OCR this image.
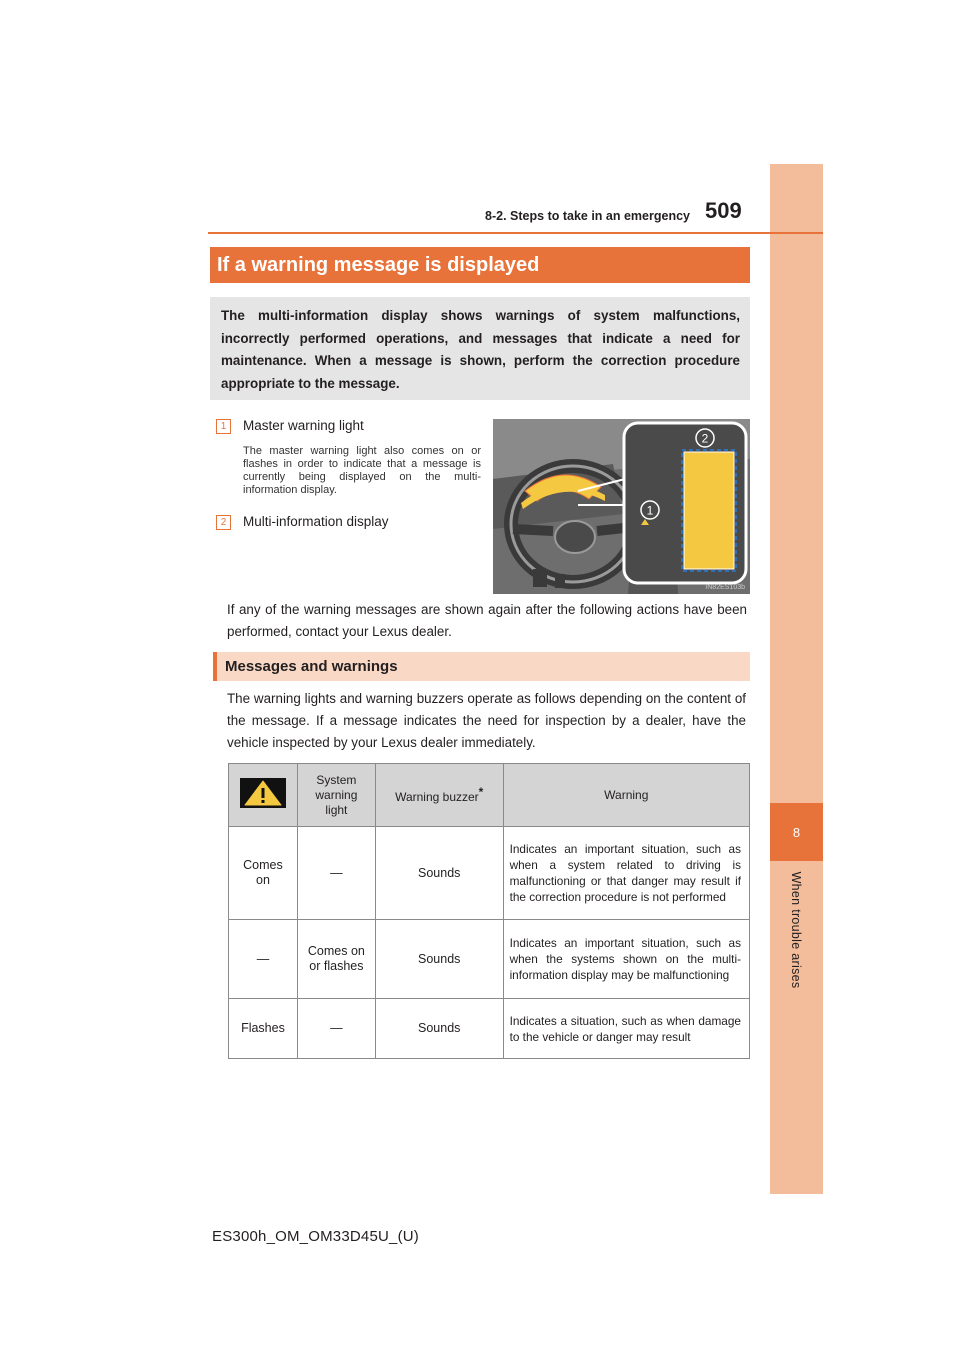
8
When trouble arises
8-2. Steps to take in an emergency 509
If a warning message is displayed
The multi-information display shows warnings of system malfunctions, incorrectly performed operations, and messages that indicate a need for maintenance. When a message is shown, perform the correction procedure appropriate to the message.
1	Master warning light
The master warning light also comes on or flashes in order to indicate that a message is currently being displayed on the multi-information display.
2	Multi-information display
2
1
IN82ES103b
If any of the warning messages are shown again after the following actions have been performed, contact your Lexus dealer.
Messages and warnings
The warning lights and warning buzzers operate as follows depending on the content of the message. If a message indicates the need for inspection by a dealer, have the vehicle inspected by your Lexus dealer immediately.
	System warning light	Warning buzzer*	Warning
Comes on	—	Sounds	Indicates an important situation, such as when a system related to driving is malfunctioning or that danger may result if the correction procedure is not performed
—	Comes on or flashes	Sounds	Indicates an important situation, such as when the systems shown on the multi-information display may be malfunctioning
Flashes	—	Sounds	Indicates a situation, such as when damage to the vehicle or danger may result
ES300h_OM_OM33D45U_(U)
